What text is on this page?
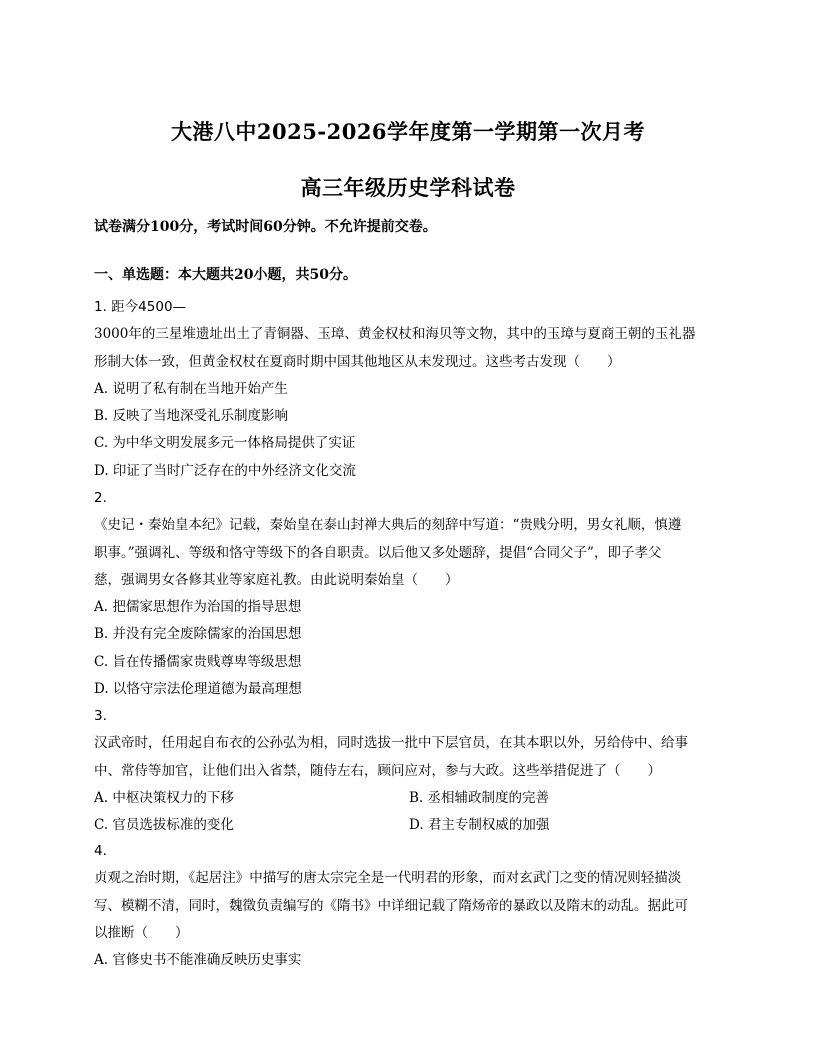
大港八中2025-2026学年度第一学期第一次月考
高三年级历史学科试卷
试卷满分100分，考试时间60分钟。不允许提前交卷。
一、单选题：本大题共20小题，共50分。
1. 距今4500—
3000年的三星堆遗址出土了青铜器、玉璋、黄金权杖和海贝等文物，其中的玉璋与夏商王朝的玉礼器
形制大体一致，但黄金权杖在夏商时期中国其他地区从未发现过。这些考古发现（　　）
A. 说明了私有制在当地开始产生
B. 反映了当地深受礼乐制度影响
C. 为中华文明发展多元一体格局提供了实证
D. 印证了当时广泛存在的中外经济文化交流
2.
《史记・秦始皇本纪》记载，秦始皇在泰山封禅大典后的刻辞中写道：“贵贱分明，男女礼顺，慎遵
职事。”强调礼、等级和恪守等级下的各自职责。以后他又多处题辞，提倡“合同父子”，即子孝父
慈，强调男女各修其业等家庭礼教。由此说明秦始皇（　　）
A. 把儒家思想作为治国的指导思想
B. 并没有完全废除儒家的治国思想
C. 旨在传播儒家贵贱尊卑等级思想
D. 以恪守宗法伦理道德为最高理想
3.
汉武帝时，任用起自布衣的公孙弘为相，同时选拔一批中下层官员，在其本职以外，另给侍中、给事
中、常侍等加官，让他们出入省禁，随侍左右，顾问应对，参与大政。这些举措促进了（　　）
A. 中枢决策权力的下移	B. 丞相辅政制度的完善
C. 官员选拔标准的变化	D. 君主专制权威的加强
4.
贞观之治时期，《起居注》中描写的唐太宗完全是一代明君的形象，而对玄武门之变的情况则轻描淡
写、模糊不清，同时，魏徵负责编写的《隋书》中详细记载了隋炀帝的暴政以及隋末的动乱。据此可
以推断（　　）
A. 官修史书不能准确反映历史事实
